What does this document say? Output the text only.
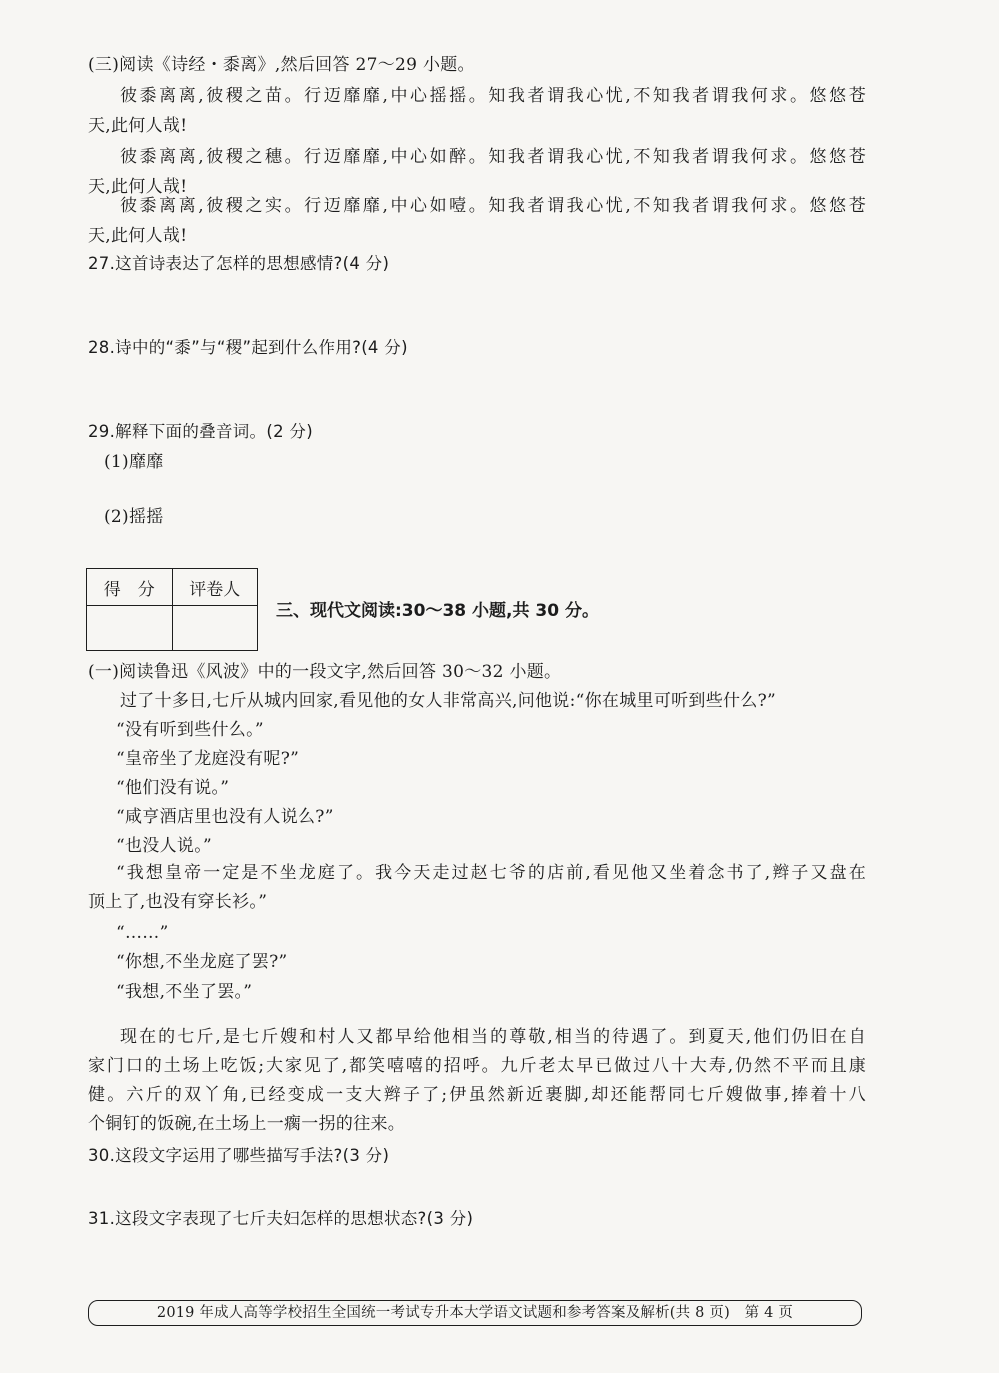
(三)阅读《诗经・黍离》,然后回答 27～29 小题。
彼黍离离,彼稷之苗。行迈靡靡,中心摇摇。知我者谓我心忧,不知我者谓我何求。悠悠苍
天,此何人哉!
彼黍离离,彼稷之穗。行迈靡靡,中心如醉。知我者谓我心忧,不知我者谓我何求。悠悠苍
天,此何人哉!
彼黍离离,彼稷之实。行迈靡靡,中心如噎。知我者谓我心忧,不知我者谓我何求。悠悠苍
天,此何人哉!
27.这首诗表达了怎样的思想感情?(4 分)
28.诗中的“黍”与“稷”起到什么作用?(4 分)
29.解释下面的叠音词。(2 分)
(1)靡靡
(2)摇摇
得　分	评卷人

三、现代文阅读:30～38 小题,共 30 分。
(一)阅读鲁迅《风波》中的一段文字,然后回答 30～32 小题。
过了十多日,七斤从城内回家,看见他的女人非常高兴,问他说:“你在城里可听到些什么?”
“没有听到些什么。”
“皇帝坐了龙庭没有呢?”
“他们没有说。”
“咸亨酒店里也没有人说么?”
“也没人说。”
“我想皇帝一定是不坐龙庭了。我今天走过赵七爷的店前,看见他又坐着念书了,辫子又盘在
顶上了,也没有穿长衫。”
“……”
“你想,不坐龙庭了罢?”
“我想,不坐了罢。”
现在的七斤,是七斤嫂和村人又都早给他相当的尊敬,相当的待遇了。到夏天,他们仍旧在自
家门口的土场上吃饭;大家见了,都笑嘻嘻的招呼。九斤老太早已做过八十大寿,仍然不平而且康
健。六斤的双丫角,已经变成一支大辫子了;伊虽然新近裹脚,却还能帮同七斤嫂做事,捧着十八
个铜钉的饭碗,在土场上一瘸一拐的往来。
30.这段文字运用了哪些描写手法?(3 分)
31.这段文字表现了七斤夫妇怎样的思想状态?(3 分)
2019 年成人高等学校招生全国统一考试专升本大学语文试题和参考答案及解析(共 8 页)　第 4 页
